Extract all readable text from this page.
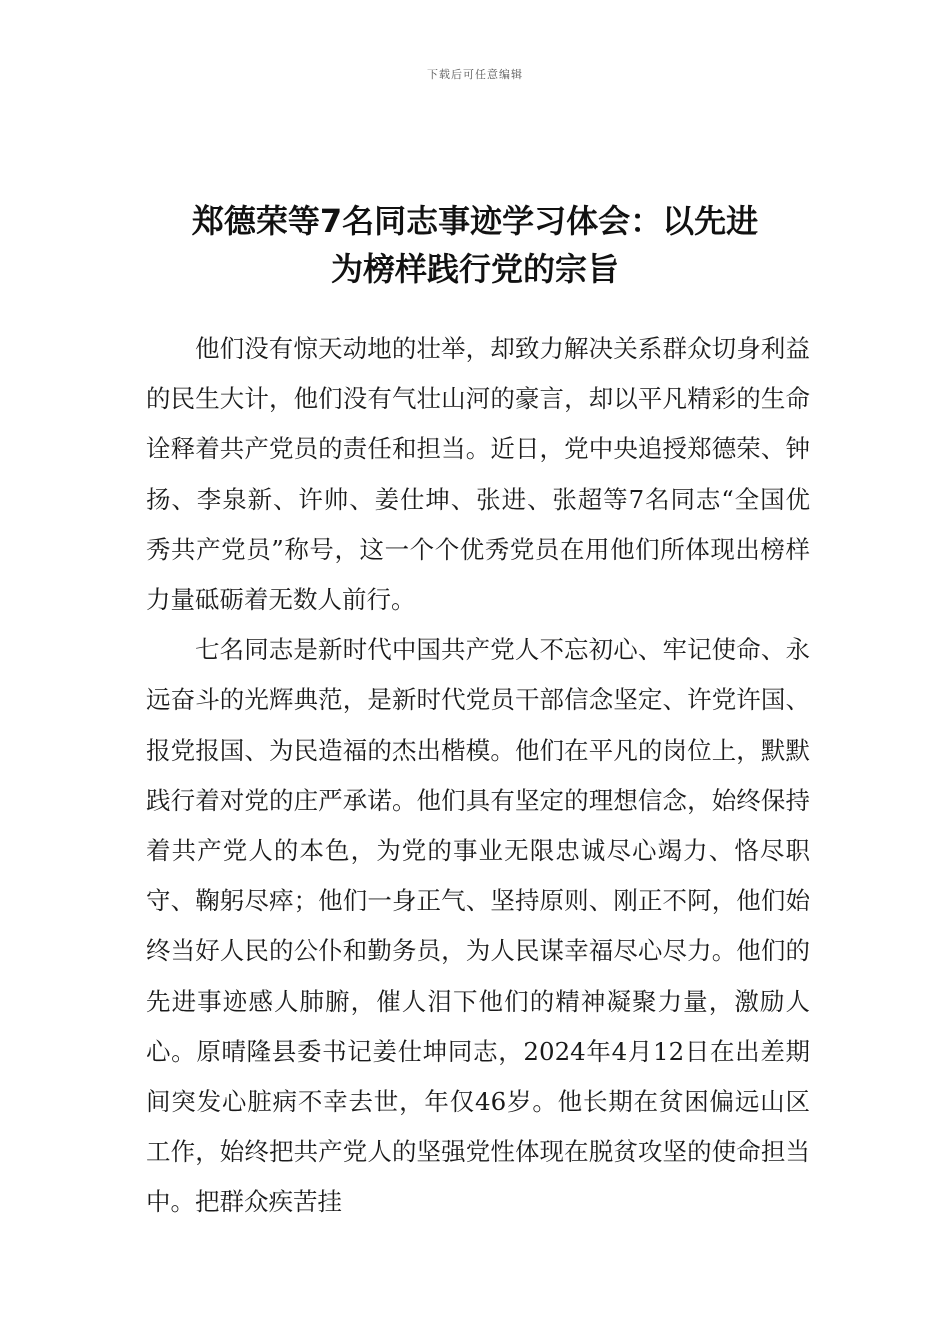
下载后可任意编辑
郑德荣等7名同志事迹学习体会：以先进
为榜样践行党的宗旨

他们没有惊天动地的壮举，却致力解决关系群众切身利益的民生大计，他们没有气壮山河的豪言，却以平凡精彩的生命诠释着共产党员的责任和担当。近日，党中央追授郑德荣、钟扬、李泉新、许帅、姜仕坤、张进、张超等7名同志“全国优秀共产党员”称号，这一个个优秀党员在用他们所体现出榜样力量砥砺着无数人前行。

七名同志是新时代中国共产党人不忘初心、牢记使命、永远奋斗的光辉典范，是新时代党员干部信念坚定、许党许国、报党报国、为民造福的杰出楷模。他们在平凡的岗位上，默默践行着对党的庄严承诺。他们具有坚定的理想信念，始终保持着共产党人的本色，为党的事业无限忠诚尽心竭力、恪尽职守、鞠躬尽瘁；他们一身正气、坚持原则、刚正不阿，他们始终当好人民的公仆和勤务员，为人民谋幸福尽心尽力。他们的先进事迹感人肺腑，催人泪下他们的精神凝聚力量，激励人心。原晴隆县委书记姜仕坤同志，2024年4月12日在出差期间突发心脏病不幸去世，年仅46岁。他长期在贫困偏远山区工作，始终把共产党人的坚强党性体现在脱贫攻坚的使命担当中。把群众疾苦挂
